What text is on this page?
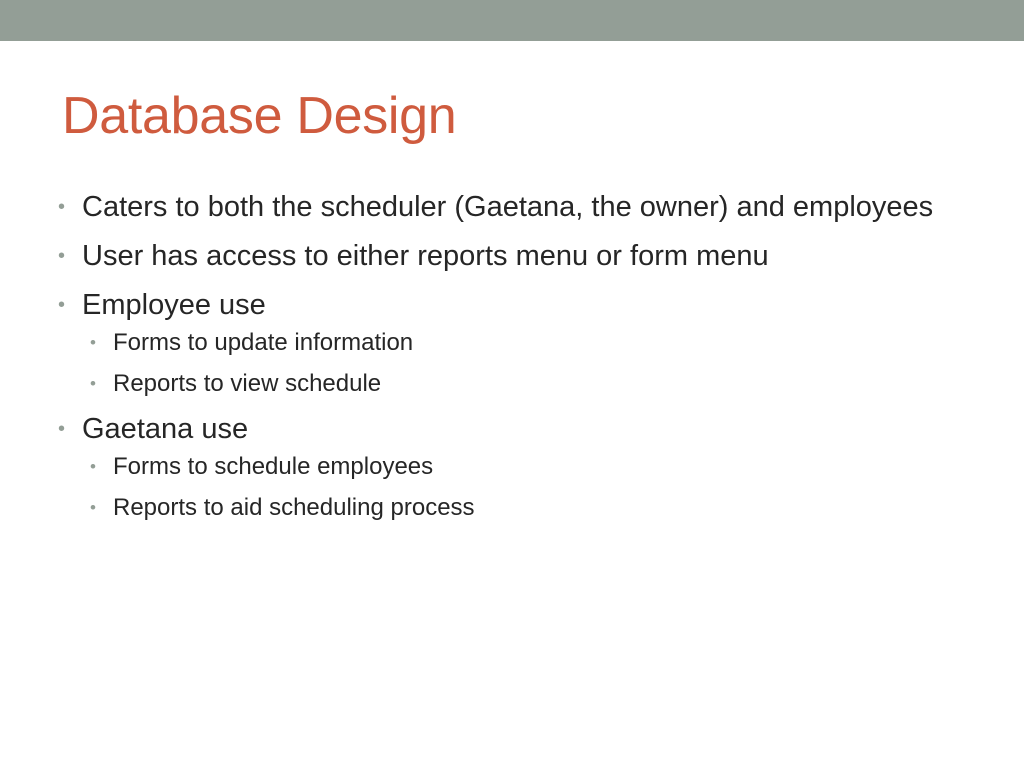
Database Design
• Caters to both the scheduler (Gaetana, the owner) and employees
• User has access to either reports menu or form menu
• Employee use
• Forms to update information
• Reports to view schedule
• Gaetana use
• Forms to schedule employees
• Reports to aid scheduling process
